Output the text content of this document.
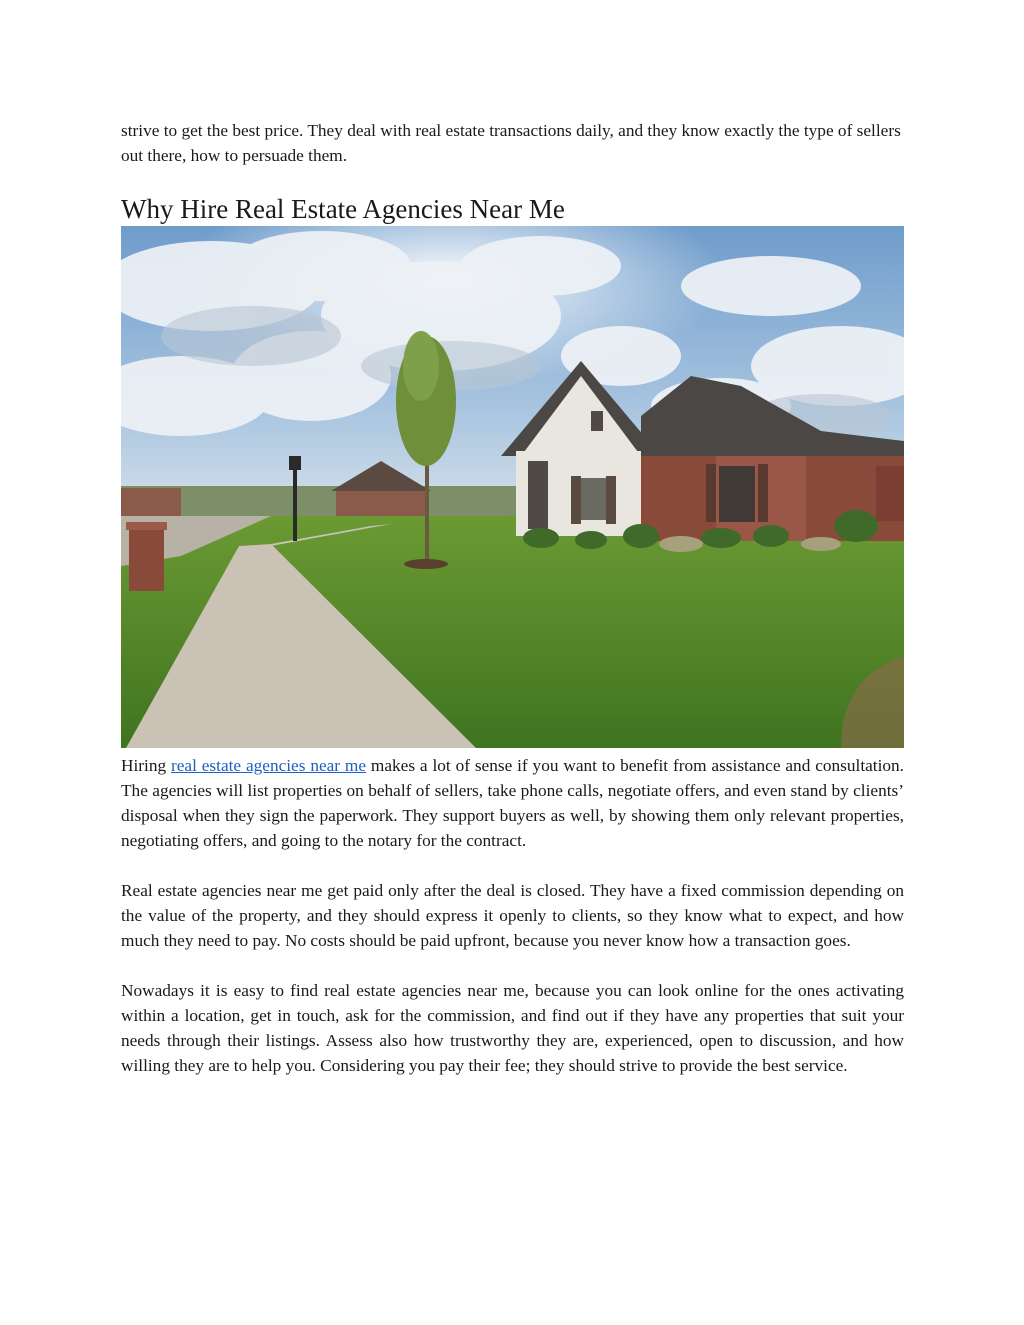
strive to get the best price. They deal with real estate transactions daily, and they know exactly the type of sellers out there, how to persuade them.

Why Hire Real Estate Agencies Near Me

Hiring real estate agencies near me makes a lot of sense if you want to benefit from assistance and consultation. The agencies will list properties on behalf of sellers, take phone calls, negotiate offers, and even stand by clients’ disposal when they sign the paperwork. They support buyers as well, by showing them only relevant properties, negotiating offers, and going to the notary for the contract.

Real estate agencies near me get paid only after the deal is closed. They have a fixed commission depending on the value of the property, and they should express it openly to clients, so they know what to expect, and how much they need to pay. No costs should be paid upfront, because you never know how a transaction goes.

Nowadays it is easy to find real estate agencies near me, because you can look online for the ones activating within a location, get in touch, ask for the commission, and find out if they have any properties that suit your needs through their listings. Assess also how trustworthy they are, experienced, open to discussion, and how willing they are to help you. Considering you pay their fee; they should strive to provide the best service.
